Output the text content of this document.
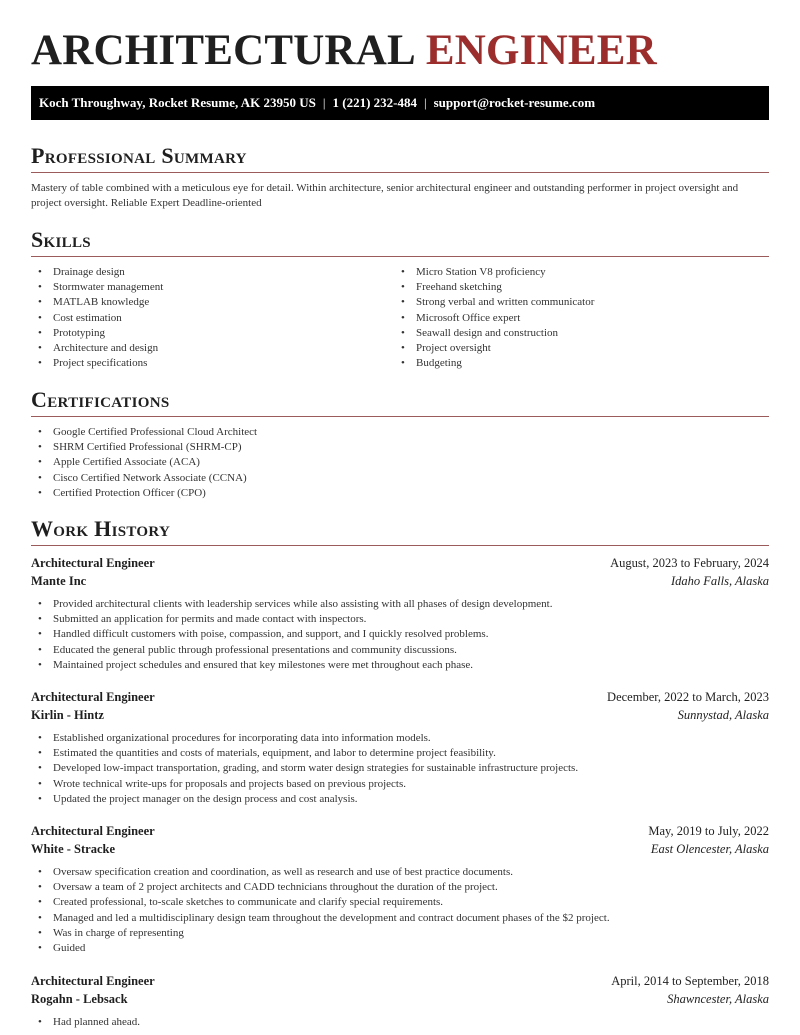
ARCHITECTURAL ENGINEER
Koch Throughway, Rocket Resume, AK 23950 US | 1 (221) 232-484 | support@rocket-resume.com
Professional Summary

Mastery of table combined with a meticulous eye for detail. Within architecture, senior architectural engineer and outstanding performer in project oversight and project oversight. Reliable Expert Deadline-oriented

Skills
• Drainage design
• Stormwater management
• MATLAB knowledge
• Cost estimation
• Prototyping
• Architecture and design
• Project specifications
• Micro Station V8 proficiency
• Freehand sketching
• Strong verbal and written communicator
• Microsoft Office expert
• Seawall design and construction
• Project oversight
• Budgeting
Certifications
• Google Certified Professional Cloud Architect
• SHRM Certified Professional (SHRM-CP)
• Apple Certified Associate (ACA)
• Cisco Certified Network Associate (CCNA)
• Certified Protection Officer (CPO)
Work History
Architectural Engineer	August, 2023 to February, 2024
Mante Inc	Idaho Falls, Alaska
• Provided architectural clients with leadership services while also assisting with all phases of design development.
• Submitted an application for permits and made contact with inspectors.
• Handled difficult customers with poise, compassion, and support, and I quickly resolved problems.
• Educated the general public through professional presentations and community discussions.
• Maintained project schedules and ensured that key milestones were met throughout each phase.
Architectural Engineer	December, 2022 to March, 2023
Kirlin - Hintz	Sunnystad, Alaska
• Established organizational procedures for incorporating data into information models.
• Estimated the quantities and costs of materials, equipment, and labor to determine project feasibility.
• Developed low-impact transportation, grading, and storm water design strategies for sustainable infrastructure projects.
• Wrote technical write-ups for proposals and projects based on previous projects.
• Updated the project manager on the design process and cost analysis.
Architectural Engineer	May, 2019 to July, 2022
White - Stracke	East Olencester, Alaska
• Oversaw specification creation and coordination, as well as research and use of best practice documents.
• Oversaw a team of 2 project architects and CADD technicians throughout the duration of the project.
• Created professional, to-scale sketches to communicate and clarify special requirements.
• Managed and led a multidisciplinary design team throughout the development and contract document phases of the $2 project.
• Was in charge of representing
• Guided
Architectural Engineer	April, 2014 to September, 2018
Rogahn - Lebsack	Shawncester, Alaska
• Had planned ahead.
